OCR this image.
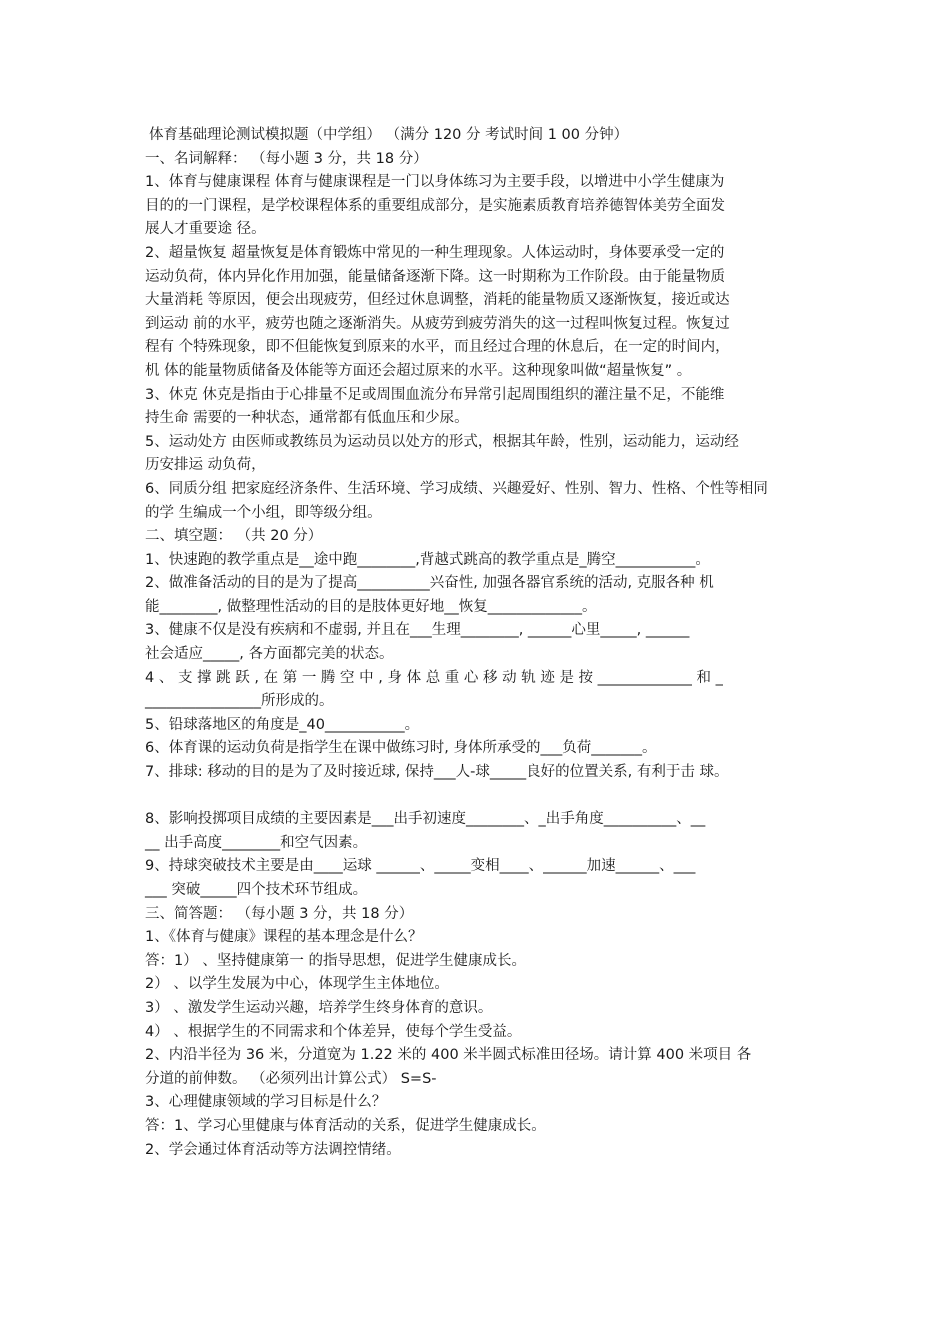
体育基础理论测试模拟题（中学组） （满分 120 分 考试时间 1 00 分钟）
一、名词解释： （每小题 3 分，共 18 分）
1、体育与健康课程 体育与健康课程是一门以身体练习为主要手段，以增进中小学生健康为
目的的一门课程，是学校课程体系的重要组成部分，是实施素质教育培养德智体美劳全面发
展人才重要途 径。
2、超量恢复 超量恢复是体育锻炼中常见的一种生理现象。人体运动时，身体要承受一定的
运动负荷，体内异化作用加强，能量储备逐渐下降。这一时期称为工作阶段。由于能量物质
大量消耗 等原因，便会出现疲劳，但经过休息调整，消耗的能量物质又逐渐恢复，接近或达
到运动 前的水平，疲劳也随之逐渐消失。从疲劳到疲劳消失的这一过程叫恢复过程。恢复过
程有 个特殊现象，即不但能恢复到原来的水平，而且经过合理的休息后，在一定的时间内，
机 体的能量物质储备及体能等方面还会超过原来的水平。这种现象叫做“超量恢复” 。
3、休克 休克是指由于心排量不足或周围血流分布异常引起周围组织的灌注量不足，不能维
持生命 需要的一种状态，通常都有低血压和少尿。
5、运动处方 由医师或教练员为运动员以处方的形式，根据其年龄，性别，运动能力，运动经
历安排运 动负荷，
6、同质分组 把家庭经济条件、生活环境、学习成绩、兴趣爱好、性别、智力、性格、个性等相同
的学 生编成一个小组，即等级分组。
二、填空题： （共 20 分）
1、快速跑的教学重点是__途中跑________,背越式跳高的教学重点是_腾空___________。
2、做准备活动的目的是为了提高__________兴奋性, 加强各器官系统的活动, 克服各种 机
能________, 做整理性活动的目的是肢体更好地__恢复_____________。
3、健康不仅是没有疾病和不虚弱, 并且在___生理________, ______心里_____, ______
社会适应_____, 各方面都完美的状态。
4 、 支 撑 跳 跃 , 在 第 一 腾 空 中 , 身 体 总 重 心 移 动 轨 迹 是 按 _____________ 和 _
________________所形成的。
5、铅球落地区的角度是_40___________。
6、体育课的运动负荷是指学生在课中做练习时, 身体所承受的___负荷_______。
7、排球: 移动的目的是为了及时接近球, 保持___人-球_____良好的位置关系, 有利于击 球。
8、影响投掷项目成绩的主要因素是___出手初速度________、_出手角度__________、__
__ 出手高度________和空气因素。
9、持球突破技术主要是由____运球 ______、_____变相____、______加速______、___
___ 突破_____四个技术环节组成。
三、简答题： （每小题 3 分，共 18 分）
1、《体育与健康》课程的基本理念是什么？
答：1） 、坚持健康第一 的指导思想，促进学生健康成长。
2） 、以学生发展为中心，体现学生主体地位。
3） 、激发学生运动兴趣，培养学生终身体育的意识。
4） 、根据学生的不同需求和个体差异，使每个学生受益。
2、内沿半径为 36 米，分道宽为 1.22 米的 400 米半圆式标准田径场。请计算 400 米项目 各
分道的前伸数。 （必须列出计算公式） S=S-
3、心理健康领域的学习目标是什么？
答：1、学习心里健康与体育活动的关系，促进学生健康成长。
2、学会通过体育活动等方法调控情绪。
